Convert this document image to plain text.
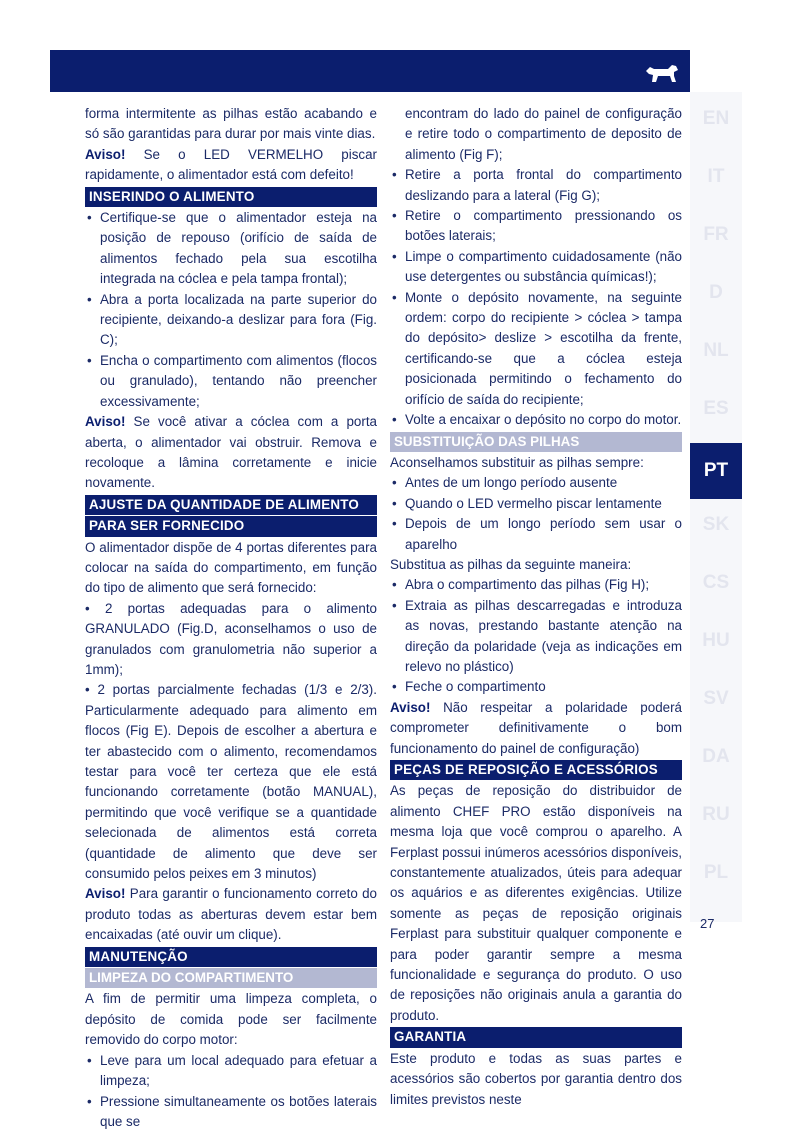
forma intermitente as pilhas estão acabando e só são garantidas para durar por mais vinte dias.

Aviso! Se o LED VERMELHO piscar rapidamente, o alimentador está com defeito!

INSERINDO O ALIMENTO
• Certifique-se que o alimentador esteja na posição de repouso (orifício de saída de alimentos fechado pela sua escotilha integrada na cóclea e pela tampa frontal);
• Abra a porta localizada na parte superior do recipiente, deixando-a deslizar para fora (Fig. C);
• Encha o compartimento com alimentos (flocos ou granulado), tentando não preencher excessivamente;

Aviso! Se você ativar a cóclea com a porta aberta, o alimentador vai obstruir. Remova e recoloque a lâmina corretamente e inicie novamente.

AJUSTE DA QUANTIDADE DE ALIMENTO
PARA SER FORNECIDO

O alimentador dispõe de 4 portas diferentes para colocar na saída do compartimento, em função do tipo de alimento que será fornecido:

• 2 portas adequadas para o alimento GRANULADO (Fig.D, aconselhamos o uso de granulados com granulometria não superior a 1mm);

• 2 portas parcialmente fechadas (1/3 e 2/3). Particularmente adequado para alimento em flocos (Fig E). Depois de escolher a abertura e ter abastecido com o alimento, recomendamos testar para você ter certeza que ele está funcionando corretamente (botão MANUAL), permitindo que você verifique se a quantidade selecionada de alimentos está correta (quantidade de alimento que deve ser consumido pelos peixes em 3 minutos)

Aviso! Para garantir o funcionamento correto do produto todas as aberturas devem estar bem encaixadas (até ouvir um clique).

MANUTENÇÃO
LIMPEZA DO COMPARTIMENTO

A fim de permitir uma limpeza completa, o depósito de comida pode ser facilmente removido do corpo motor:

• Leve para um local adequado para efetuar a limpeza;
• Pressione simultaneamente os botões laterais que se

encontram do lado do painel de configuração e retire todo o compartimento de deposito de alimento (Fig F);

• Retire a porta frontal do compartimento deslizando para a lateral (Fig G);
• Retire o compartimento pressionando os botões laterais;
• Limpe o compartimento cuidadosamente (não use detergentes ou substância químicas!);
• Monte o depósito novamente, na seguinte ordem: corpo do recipiente > cóclea > tampa do depósito> deslize > escotilha da frente, certificando-se que a cóclea esteja posicionada permitindo o fechamento do orifício de saída do recipiente;
• Volte a encaixar o depósito no corpo do motor.
SUBSTITUIÇÃO DAS PILHAS

Aconselhamos substituir as pilhas sempre:

• Antes de um longo período ausente
• Quando o LED vermelho piscar lentamente
• Depois de um longo período sem usar o aparelho

Substitua as pilhas da seguinte maneira:

• Abra o compartimento das pilhas (Fig H);
• Extraia as pilhas descarregadas e introduza as novas, prestando bastante atenção na direção da polaridade (veja as indicações em relevo no plástico)
• Feche o compartimento

Aviso! Não respeitar a polaridade poderá comprometer definitivamente o bom funcionamento do painel de configuração)

PEÇAS DE REPOSIÇÃO E ACESSÓRIOS

As peças de reposição do distribuidor de alimento CHEF PRO estão disponíveis na mesma loja que você comprou o aparelho. A Ferplast possui inúmeros acessórios disponíveis, constantemente atualizados, úteis para adequar os aquários e as diferentes exigências. Utilize somente as peças de reposição originais Ferplast para substituir qualquer componente e para poder garantir sempre a mesma funcionalidade e segurança do produto. O uso de reposições não originais anula a garantia do produto.

GARANTIA

Este produto e todas as suas partes e acessórios são cobertos por garantia dentro dos limites previstos neste

EN
IT
FR
D
NL
ES
PT
SK
CS
HU
SV
DA
RU
PL
27
